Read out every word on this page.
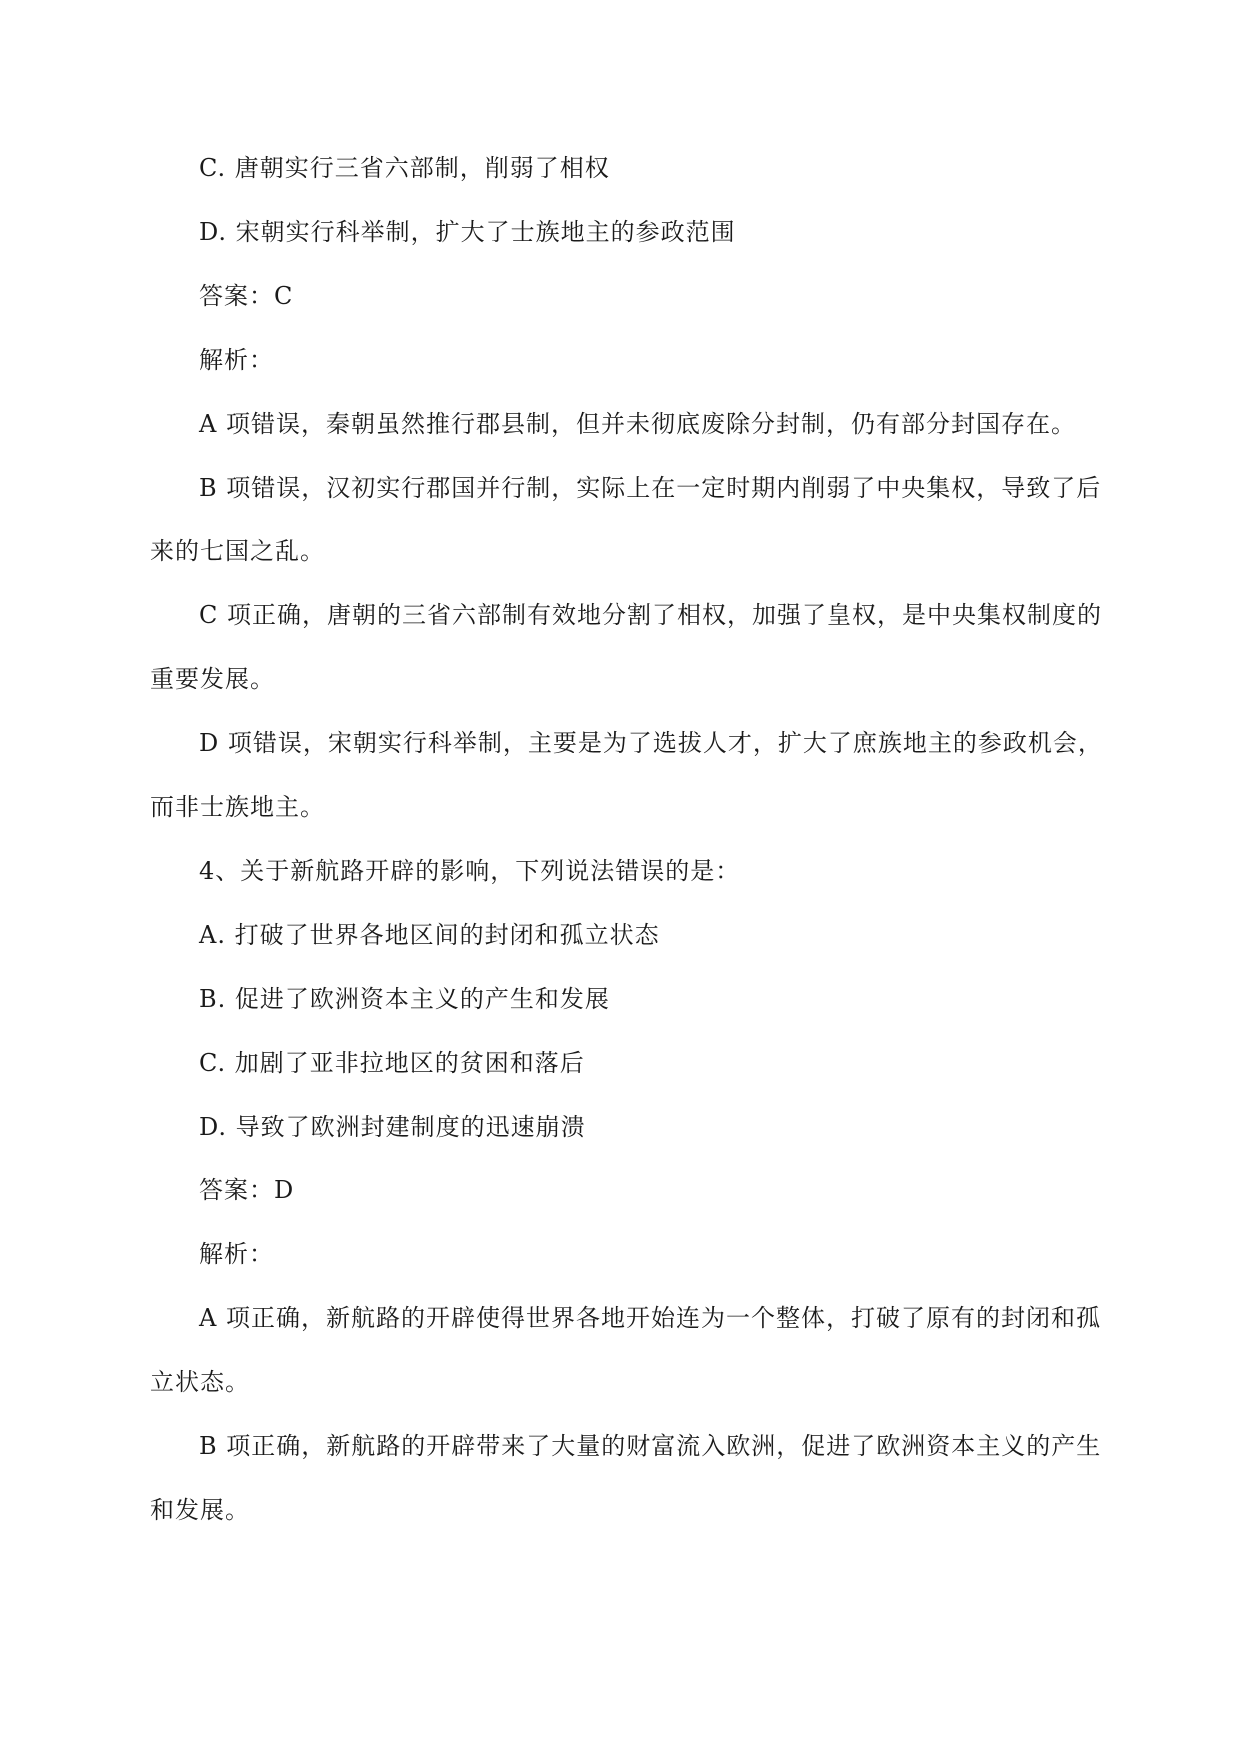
C. 唐朝实行三省六部制，削弱了相权
D. 宋朝实行科举制，扩大了士族地主的参政范围
答案：C
解析：
A 项错误，秦朝虽然推行郡县制，但并未彻底废除分封制，仍有部分封国存在。
B 项错误，汉初实行郡国并行制，实际上在一定时期内削弱了中央集权，导致了后
来的七国之乱。
C 项正确，唐朝的三省六部制有效地分割了相权，加强了皇权，是中央集权制度的
重要发展。
D 项错误，宋朝实行科举制，主要是为了选拔人才，扩大了庶族地主的参政机会，
而非士族地主。
4、关于新航路开辟的影响，下列说法错误的是：
A. 打破了世界各地区间的封闭和孤立状态
B. 促进了欧洲资本主义的产生和发展
C. 加剧了亚非拉地区的贫困和落后
D. 导致了欧洲封建制度的迅速崩溃
答案：D
解析：
A 项正确，新航路的开辟使得世界各地开始连为一个整体，打破了原有的封闭和孤
立状态。
B 项正确，新航路的开辟带来了大量的财富流入欧洲，促进了欧洲资本主义的产生
和发展。
